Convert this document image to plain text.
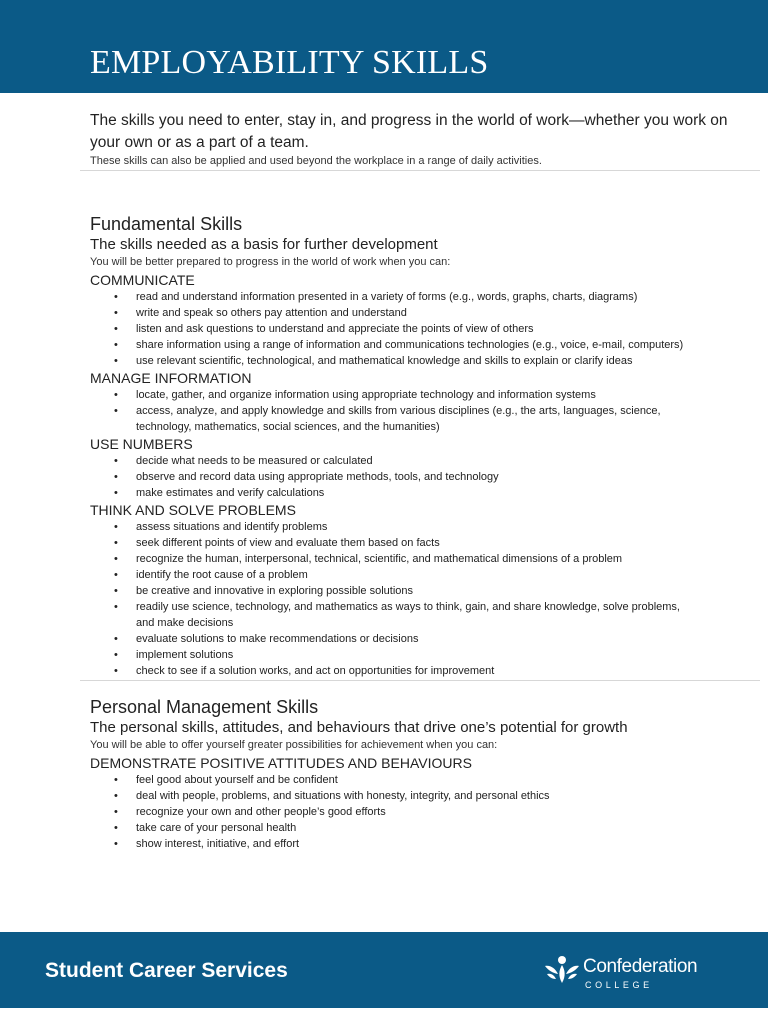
EMPLOYABILITY SKILLS

The skills you need to enter, stay in, and progress in the world of work—whether you work on your own or as a part of a team.

These skills can also be applied and used beyond the workplace in a range of daily activities.

Fundamental Skills

The skills needed as a basis for further development

You will be better prepared to progress in the world of work when you can:

COMMUNICATE
• read and understand information presented in a variety of forms (e.g., words, graphs, charts, diagrams)
• write and speak so others pay attention and understand
• listen and ask questions to understand and appreciate the points of view of others
• share information using a range of information and communications technologies (e.g., voice, e-mail, computers)
• use relevant scientific, technological, and mathematical knowledge and skills to explain or clarify ideas
MANAGE INFORMATION
• locate, gather, and organize information using appropriate technology and information systems
• access, analyze, and apply knowledge and skills from various disciplines (e.g., the arts, languages, science, technology, mathematics, social sciences, and the humanities)
USE NUMBERS
• decide what needs to be measured or calculated
• observe and record data using appropriate methods, tools, and technology
• make estimates and verify calculations
THINK AND SOLVE PROBLEMS
• assess situations and identify problems
• seek different points of view and evaluate them based on facts
• recognize the human, interpersonal, technical, scientific, and mathematical dimensions of a problem
• identify the root cause of a problem
• be creative and innovative in exploring possible solutions
• readily use science, technology, and mathematics as ways to think, gain, and share knowledge, solve problems, and make decisions
• evaluate solutions to make recommendations or decisions
• implement solutions
• check to see if a solution works, and act on opportunities for improvement
Personal Management Skills

The personal skills, attitudes, and behaviours that drive one’s potential for growth

You will be able to offer yourself greater possibilities for achievement when you can:

DEMONSTRATE POSITIVE ATTITUDES AND BEHAVIOURS
• feel good about yourself and be confident
• deal with people, problems, and situations with honesty, integrity, and personal ethics
• recognize your own and other people’s good efforts
• take care of your personal health
• show interest, initiative, and effort
Student Career Services	Confederation
COLLEGE
